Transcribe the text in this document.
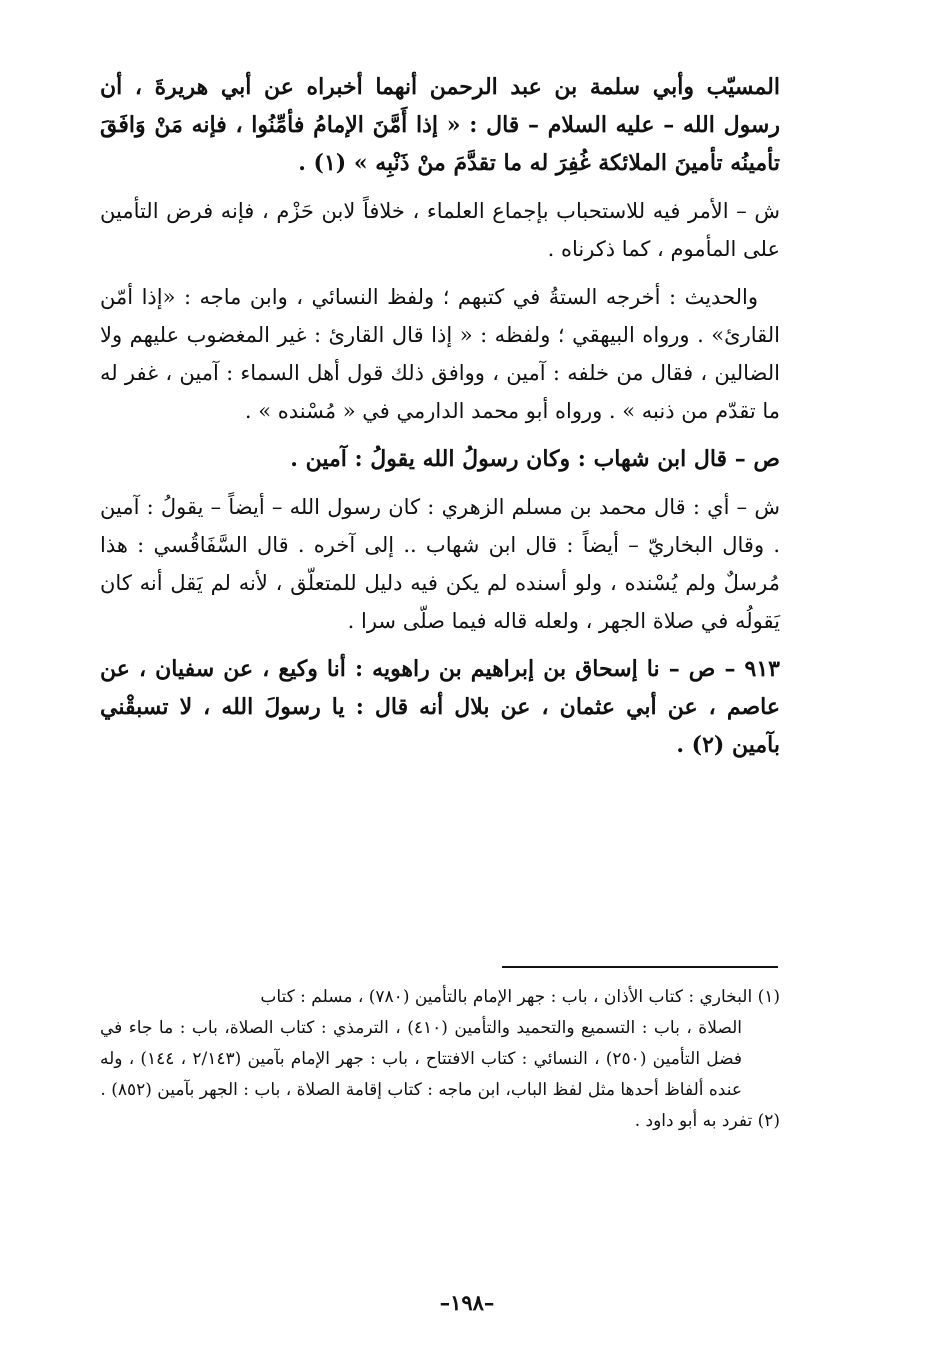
المسيّب وأبي سلمة بن عبد الرحمن أنهما أخبراه عن أبي هريرةَ ، أن رسول الله – عليه السلام – قال : « إذا أَمَّنَ الإمامُ فأمِّنُوا ، فإنه مَنْ وَافَقَ تأمينُه تأمينَ الملائكة غُفِرَ له ما تقدَّمَ منْ ذَنْبِه » (١) .

ش – الأمر فيه للاستحباب بإجماع العلماء ، خلافاً لابن حَزْم ، فإنه فرض التأمين على المأموم ، كما ذكرناه .

والحديث : أخرجه الستةُ في كتبهم ؛ ولفظ النسائي ، وابن ماجه : «إذا أمّن القارئ» . ورواه البيهقي ؛ ولفظه : « إذا قال القارئ : غير المغضوب عليهم ولا الضالين ، فقال من خلفه : آمين ، ووافق ذلك قول أهل السماء : آمين ، غفر له ما تقدّم من ذنبه » . ورواه أبو محمد الدارمي في « مُسْنده » .

ص – قال ابن شهاب : وكان رسولُ الله يقولُ : آمين .

ش – أي : قال محمد بن مسلم الزهري : كان رسول الله – أيضاً – يقولُ : آمين . وقال البخاريّ – أيضاً : قال ابن شهاب .. إلى آخره . قال السَّفَاقُسي : هذا مُرسلٌ ولم يُسْنده ، ولو أسنده لم يكن فيه دليل للمتعلّق ، لأنه لم يَقل أنه كان يَقولُه في صلاة الجهر ، ولعله قاله فيما صلّى سرا .

٩١٣ – ص – نا إسحاق بن إبراهيم بن راهويه : أنا وكيع ، عن سفيان ، عن عاصم ، عن أبي عثمان ، عن بلال أنه قال : يا رسولَ الله ، لا تسبقْني بآمين (٢) .

(١) البخاري : كتاب الأذان ، باب : جهر الإمام بالتأمين (٧٨٠) ، مسلم : كتاب

الصلاة ، باب : التسميع والتحميد والتأمين (٤١٠) ، الترمذي : كتاب الصلاة، باب : ما جاء في فضل التأمين (٢٥٠) ، النسائي : كتاب الافتتاح ، باب : جهر الإمام بآمين (٢/١٤٣ ، ١٤٤) ، وله عنده ألفاظ أحدها مثل لفظ الباب، ابن ماجه : كتاب إقامة الصلاة ، باب : الجهر بآمين (٨٥٢) .

(٢) تفرد به أبو داود .

–١٩٨–
